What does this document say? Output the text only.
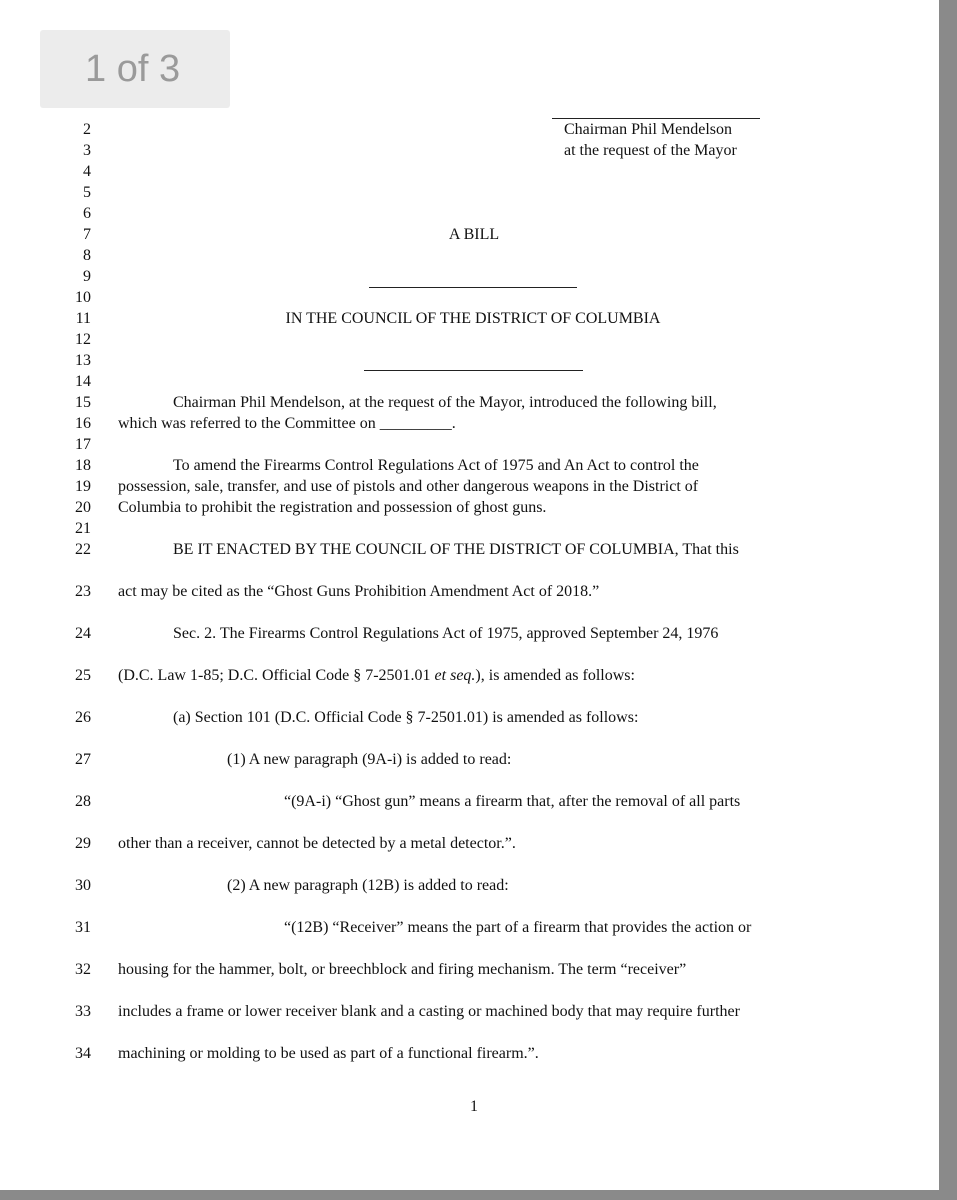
1 of 3
2
3
4
5
6
7
8
9
10
11
12
13
14
15
16
17
18
19
20
21
22
23
24
25
26
27
28
29
30
31
32
33
34
Chairman Phil Mendelson
at the request of the Mayor
A BILL
IN THE COUNCIL OF THE DISTRICT OF COLUMBIA
Chairman Phil Mendelson, at the request of the Mayor, introduced the following bill,
which was referred to the Committee on _________.
To amend the Firearms Control Regulations Act of 1975 and An Act to control the
possession, sale, transfer, and use of pistols and other dangerous weapons in the District of
Columbia to prohibit the registration and possession of ghost guns.
BE IT ENACTED BY THE COUNCIL OF THE DISTRICT OF COLUMBIA, That this
act may be cited as the “Ghost Guns Prohibition Amendment Act of 2018.”
Sec. 2. The Firearms Control Regulations Act of 1975, approved September 24, 1976
(D.C. Law 1-85; D.C. Official Code § 7-2501.01 et seq.), is amended as follows:
(a) Section 101 (D.C. Official Code § 7-2501.01) is amended as follows:
(1) A new paragraph (9A-i) is added to read:
“(9A-i) “Ghost gun” means a firearm that, after the removal of all parts
other than a receiver, cannot be detected by a metal detector.”.
(2) A new paragraph (12B) is added to read:
“(12B) “Receiver” means the part of a firearm that provides the action or
housing for the hammer, bolt, or breechblock and firing mechanism. The term “receiver”
includes a frame or lower receiver blank and a casting or machined body that may require further
machining or molding to be used as part of a functional firearm.”.
1
